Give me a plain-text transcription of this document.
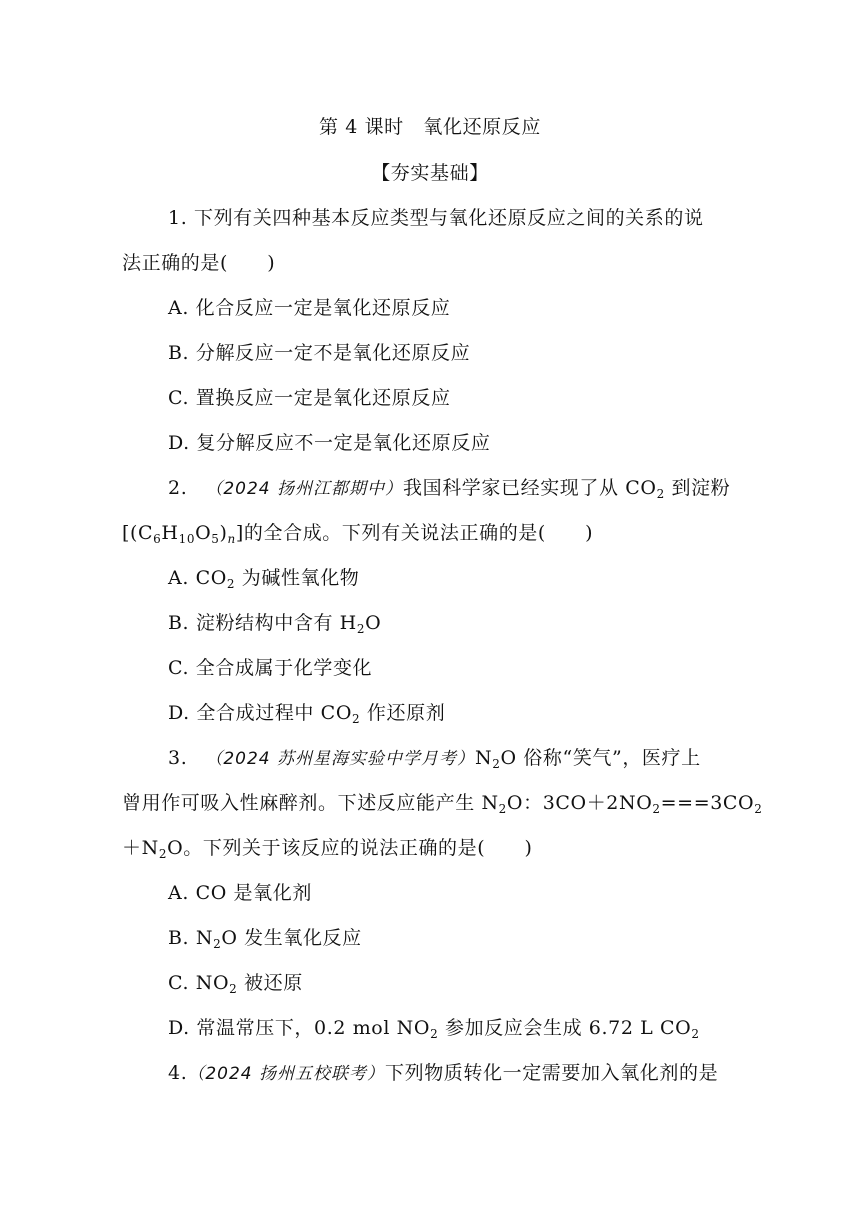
第 4 课时　氧化还原反应
【夯实基础】
1. 下列有关四种基本反应类型与氧化还原反应之间的关系的说
法正确的是(　　)
A. 化合反应一定是氧化还原反应
B. 分解反应一定不是氧化还原反应
C. 置换反应一定是氧化还原反应
D. 复分解反应不一定是氧化还原反应
2. （2024 扬州江都期中）我国科学家已经实现了从 $CO_2$ 到淀粉
$[(C_6H_{10}O_5)_n]$的全合成。下列有关说法正确的是(　　)
A. $CO_2$ 为碱性氧化物
B. 淀粉结构中含有 $H_2O$
C. 全合成属于化学变化
D. 全合成过程中 $CO_2$ 作还原剂
3. （2024 苏州星海实验中学月考）$N_2O$ 俗称“笑气”，医疗上
曾用作可吸入性麻醉剂。下述反应能产生 $N_2O$：$3CO+2NO_2===3CO_2$
$+N_2O$。下列关于该反应的说法正确的是(　　)
A. CO 是氧化剂
B. $N_2O$ 发生氧化反应
C. $NO_2$ 被还原
D. 常温常压下，0.2 mol $NO_2$ 参加反应会生成 6.72 L $CO_2$
4.（2024 扬州五校联考）下列物质转化一定需要加入氧化剂的是
